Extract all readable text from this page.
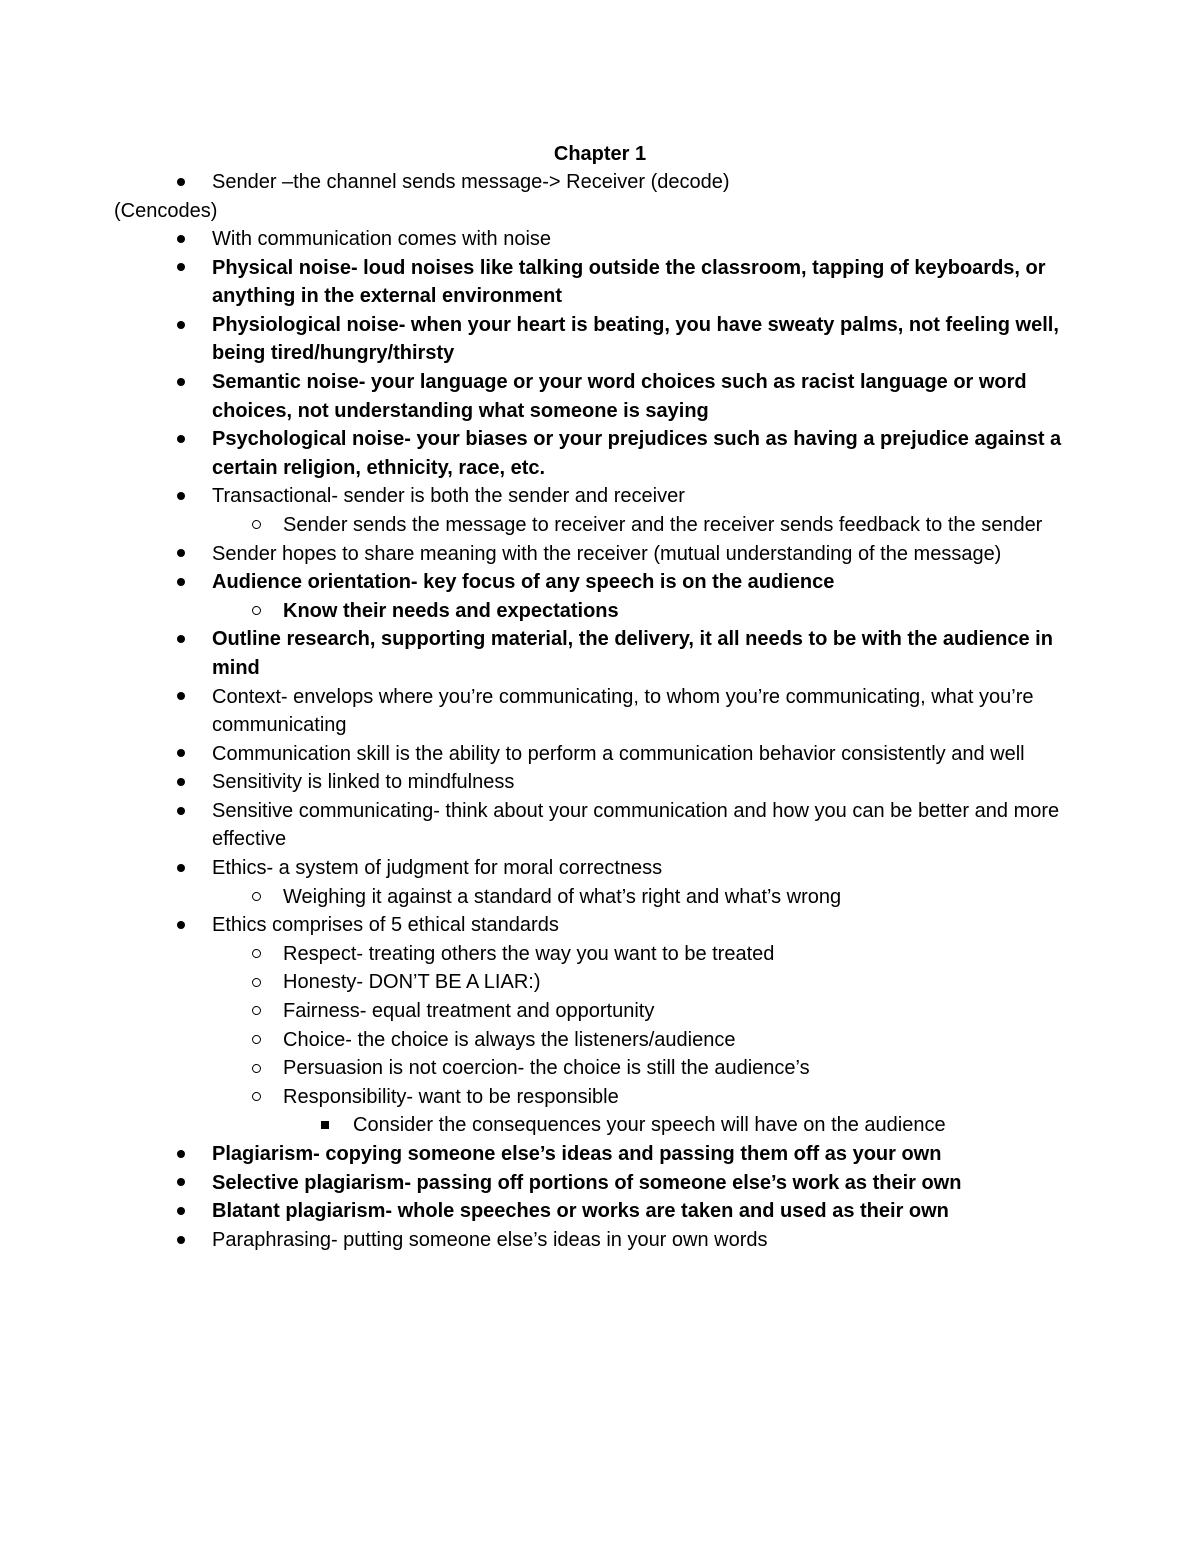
Chapter 1
Sender –the channel sends message-> Receiver (decode)
(Cencodes)
With communication comes with noise
Physical noise- loud noises like talking outside the classroom, tapping of keyboards, or anything in the external environment
Physiological noise- when your heart is beating, you have sweaty palms, not feeling well, being tired/hungry/thirsty
Semantic noise- your language or your word choices such as racist language or word choices, not understanding what someone is saying
Psychological noise- your biases or your prejudices such as having a prejudice against a certain religion, ethnicity, race, etc.
Transactional- sender is both the sender and receiver
Sender sends the message to receiver and the receiver sends feedback to the sender
Sender hopes to share meaning with the receiver (mutual understanding of the message)
Audience orientation- key focus of any speech is on the audience
Know their needs and expectations
Outline research, supporting material, the delivery, it all needs to be with the audience in mind
Context- envelops where you’re communicating, to whom you’re communicating, what you’re communicating
Communication skill is the ability to perform a communication behavior consistently and well
Sensitivity is linked to mindfulness
Sensitive communicating- think about your communication and how you can be better and more effective
Ethics- a system of judgment for moral correctness
Weighing it against a standard of what’s right and what’s wrong
Ethics comprises of 5 ethical standards
Respect- treating others the way you want to be treated
Honesty- DON’T BE A LIAR:)
Fairness- equal treatment and opportunity
Choice- the choice is always the listeners/audience
Persuasion is not coercion- the choice is still the audience’s
Responsibility- want to be responsible
Consider the consequences your speech will have on the audience
Plagiarism- copying someone else’s ideas and passing them off as your own
Selective plagiarism- passing off portions of someone else’s work as their own
Blatant plagiarism- whole speeches or works are taken and used as their own
Paraphrasing- putting someone else’s ideas in your own words
